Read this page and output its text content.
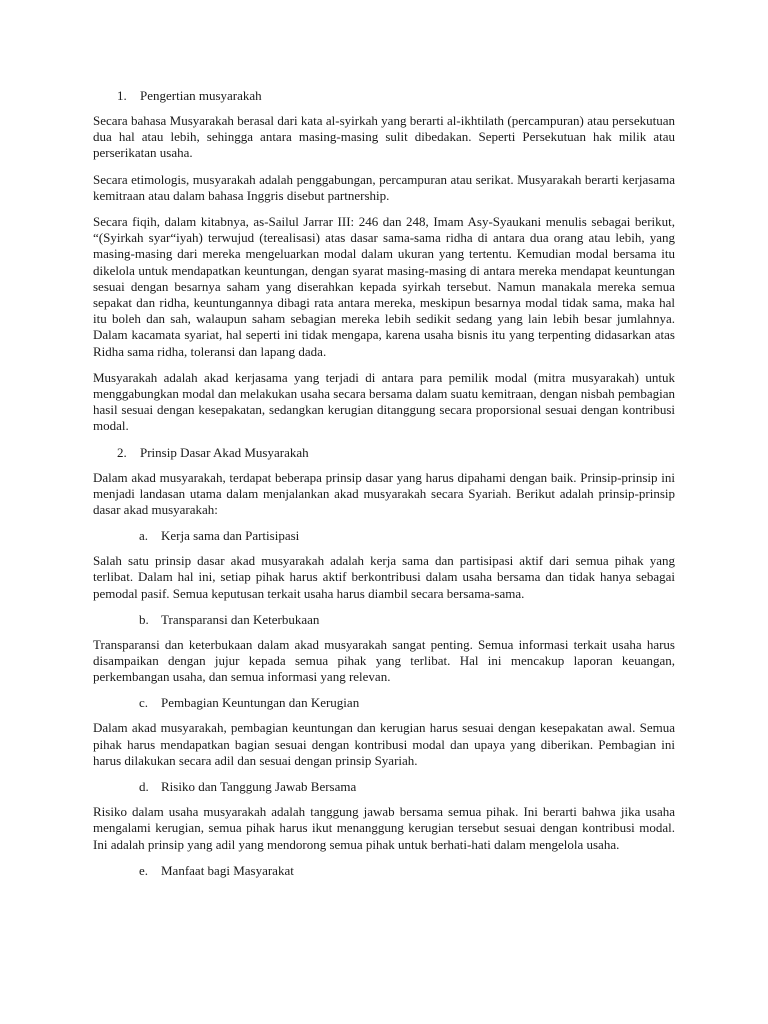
1.	Pengertian musyarakah

Secara bahasa Musyarakah berasal dari kata al-syirkah yang berarti al-ikhtilath (percampuran) atau persekutuan dua hal atau lebih, sehingga antara masing-masing sulit dibedakan. Seperti Persekutuan hak milik atau perserikatan usaha.

Secara etimologis, musyarakah adalah penggabungan, percampuran atau serikat. Musyarakah berarti kerjasama kemitraan atau dalam bahasa Inggris disebut partnership.

Secara fiqih, dalam kitabnya, as-Sailul Jarrar III: 246 dan 248, Imam Asy-Syaukani menulis sebagai berikut, “(Syirkah syar“iyah) terwujud (terealisasi) atas dasar sama-sama ridha di antara dua orang atau lebih, yang masing-masing dari mereka mengeluarkan modal dalam ukuran yang tertentu. Kemudian modal bersama itu dikelola untuk mendapatkan keuntungan, dengan syarat masing-masing di antara mereka mendapat keuntungan sesuai dengan besarnya saham yang diserahkan kepada syirkah tersebut. Namun manakala mereka semua sepakat dan ridha, keuntungannya dibagi rata antara mereka, meskipun besarnya modal tidak sama, maka hal itu boleh dan sah, walaupun saham sebagian mereka lebih sedikit sedang yang lain lebih besar jumlahnya. Dalam kacamata syariat, hal seperti ini tidak mengapa, karena usaha bisnis itu yang terpenting didasarkan atas Ridha sama ridha, toleransi dan lapang dada.

Musyarakah adalah akad kerjasama yang terjadi di antara para pemilik modal (mitra musyarakah) untuk menggabungkan modal dan melakukan usaha secara bersama dalam suatu kemitraan, dengan nisbah pembagian hasil sesuai dengan kesepakatan, sedangkan kerugian ditanggung secara proporsional sesuai dengan kontribusi modal.

2.	Prinsip Dasar Akad Musyarakah

Dalam akad musyarakah, terdapat beberapa prinsip dasar yang harus dipahami dengan baik. Prinsip-prinsip ini menjadi landasan utama dalam menjalankan akad musyarakah secara Syariah. Berikut adalah prinsip-prinsip dasar akad musyarakah:

a. Kerja sama dan Partisipasi

Salah satu prinsip dasar akad musyarakah adalah kerja sama dan partisipasi aktif dari semua pihak yang terlibat. Dalam hal ini, setiap pihak harus aktif berkontribusi dalam usaha bersama dan tidak hanya sebagai pemodal pasif. Semua keputusan terkait usaha harus diambil secara bersama-sama.

b. Transparansi dan Keterbukaan

Transparansi dan keterbukaan dalam akad musyarakah sangat penting. Semua informasi terkait usaha harus disampaikan dengan jujur kepada semua pihak yang terlibat. Hal ini mencakup laporan keuangan, perkembangan usaha, dan semua informasi yang relevan.

c. Pembagian Keuntungan dan Kerugian

Dalam akad musyarakah, pembagian keuntungan dan kerugian harus sesuai dengan kesepakatan awal. Semua pihak harus mendapatkan bagian sesuai dengan kontribusi modal dan upaya yang diberikan. Pembagian ini harus dilakukan secara adil dan sesuai dengan prinsip Syariah.

d. Risiko dan Tanggung Jawab Bersama

Risiko dalam usaha musyarakah adalah tanggung jawab bersama semua pihak. Ini berarti bahwa jika usaha mengalami kerugian, semua pihak harus ikut menanggung kerugian tersebut sesuai dengan kontribusi modal. Ini adalah prinsip yang adil yang mendorong semua pihak untuk berhati-hati dalam mengelola usaha.

e. Manfaat bagi Masyarakat
